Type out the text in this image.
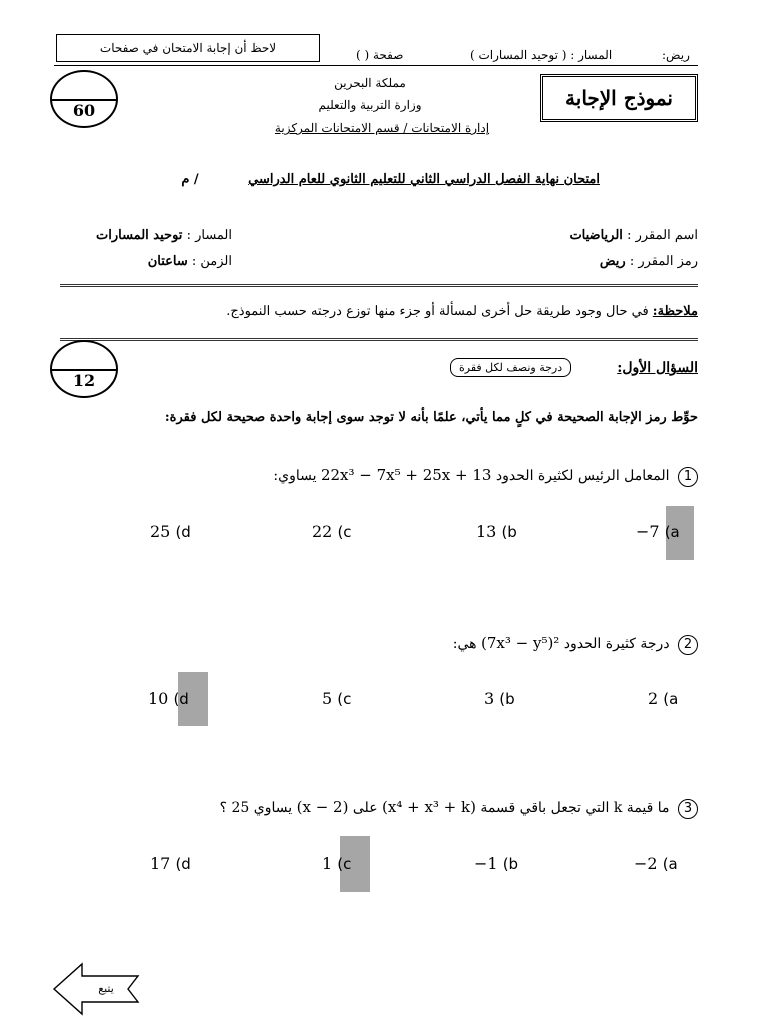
لاحظ أن إجابة الامتحان في صفحات	صفحة ( )	المسار : ( توحيد المسارات )	ريض:
60
مملكة البحرين
وزارة التربية والتعليم
إدارة الامتحانات / قسم الامتحانات المركزية
نموذج الإجابة
امتحان نهاية الفصل الدراسي الثاني للتعليم الثانوي للعام الدراسي
/ م
اسم المقرر : الرياضيات
رمز المقرر : ريض
المسار : توحيد المسارات
الزمن : ساعتان
ملاحظة: في حال وجود طريقة حل أخرى لمسألة أو جزء منها توزع درجته حسب النموذج.
12
درجة ونصف لكل فقرة	السؤال الأول:
حوِّط رمز الإجابة الصحيحة في كلٍ مما يأتي، علمًا بأنه لا توجد سوى إجابة واحدة صحيحة لكل فقرة:
1 المعامل الرئيس لكثيرة الحدود 22x³ − 7x⁵ + 25x + 13 يساوي:
−7
(a
13
(b
22
(c
25
(d
2 درجة كثيرة الحدود (7x³ − y⁵)² هي:
2
(a
3
(b
5
(c
10
(d
3 ما قيمة k التي تجعل باقي قسمة (x⁴ + x³ + k) على (x − 2) يساوي 25 ؟
−2
(a
−1
(b
1
(c
17
(d
يتبع
